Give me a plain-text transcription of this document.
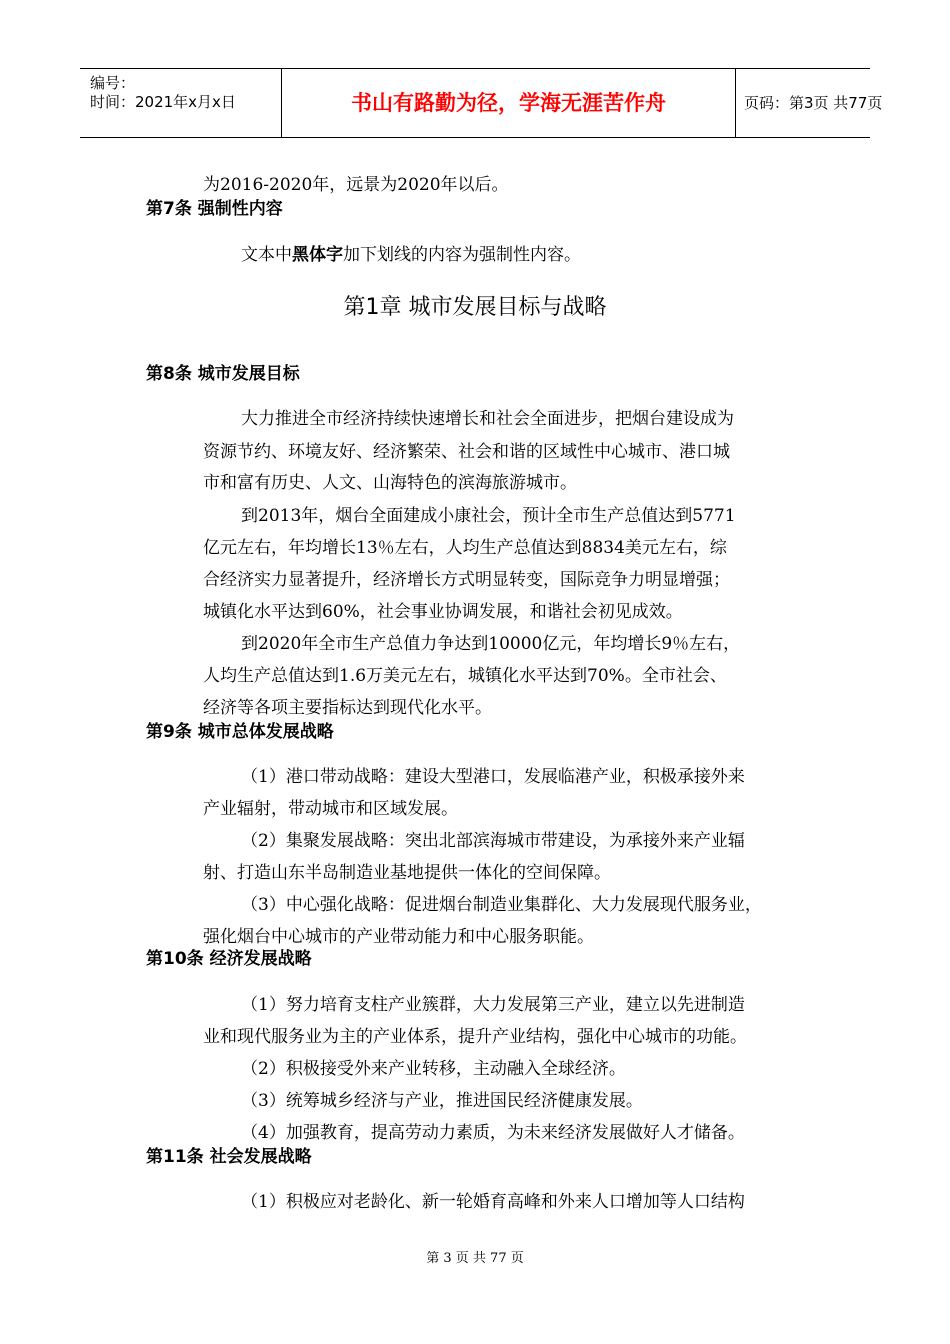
编号：
时间：2021年x月x日	书山有路勤为径，学海无涯苦作舟	页码：第3页 共77页
为2016-2020年，远景为2020年以后。
第7条 强制性内容
文本中黑体字加下划线的内容为强制性内容。
第1章 城市发展目标与战略
第8条 城市发展目标
大力推进全市经济持续快速增长和社会全面进步，把烟台建设成为
资源节约、环境友好、经济繁荣、社会和谐的区域性中心城市、港口城
市和富有历史、人文、山海特色的滨海旅游城市。
到2013年，烟台全面建成小康社会，预计全市生产总值达到5771
亿元左右，年均增长13％左右，人均生产总值达到8834美元左右，综
合经济实力显著提升，经济增长方式明显转变，国际竞争力明显增强；
城镇化水平达到60%，社会事业协调发展，和谐社会初见成效。
到2020年全市生产总值力争达到10000亿元，年均增长9％左右，
人均生产总值达到1.6万美元左右，城镇化水平达到70%。全市社会、
经济等各项主要指标达到现代化水平。
第9条 城市总体发展战略
（1）港口带动战略：建设大型港口，发展临港产业，积极承接外来
产业辐射，带动城市和区域发展。
（2）集聚发展战略：突出北部滨海城市带建设，为承接外来产业辐
射、打造山东半岛制造业基地提供一体化的空间保障。
（3）中心强化战略：促进烟台制造业集群化、大力发展现代服务业，
强化烟台中心城市的产业带动能力和中心服务职能。
第10条 经济发展战略
（1）努力培育支柱产业簇群，大力发展第三产业，建立以先进制造
业和现代服务业为主的产业体系，提升产业结构，强化中心城市的功能。
（2）积极接受外来产业转移，主动融入全球经济。
（3）统筹城乡经济与产业，推进国民经济健康发展。
（4）加强教育，提高劳动力素质，为未来经济发展做好人才储备。
第11条 社会发展战略
（1）积极应对老龄化、新一轮婚育高峰和外来人口增加等人口结构
第 3 页 共 77 页
